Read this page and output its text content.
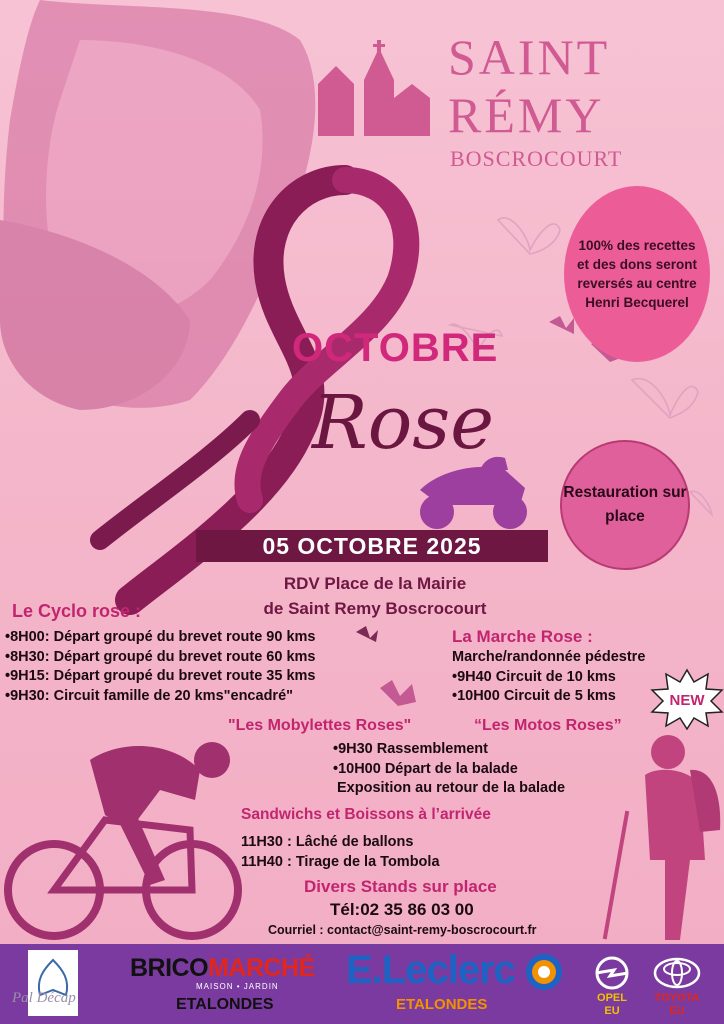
SAINT
RÉMY
BOSCROCOURT
100% des recettes et des dons seront reversés au centre Henri Becquerel
OCTOBRE
Rose
Restauration sur place
05 OCTOBRE 2025
RDV Place de la Mairie
de Saint Remy Boscrocourt
Le Cyclo rose :
•8H00: Départ groupé du brevet route 90 kms
•8H30: Départ groupé du brevet route 60 kms
•9H15: Départ groupé du brevet route 35 kms
•9H30: Circuit famille de 20 kms"encadré"
La Marche Rose :
Marche/randonnée pédestre
•9H40 Circuit de 10 kms
•10H00 Circuit de 5 kms	NEW
"Les Mobylettes Roses"	“Les Motos Roses”
•9H30 Rassemblement
•10H00 Départ de la balade
Exposition au retour de la balade
Sandwichs et Boissons à l’arrivée
11H30 : Lâché de ballons
11H40 : Tirage de la Tombola
Divers Stands sur place
Tél:02 35 86 03 00
Courriel : contact@saint-remy-boscrocourt.fr
Pal Décap
BRICOMARCHÉ
MAISON • JARDIN
ETALONDES
E.Leclerc
ETALONDES	OPEL
EU
TOYOTA
EU
